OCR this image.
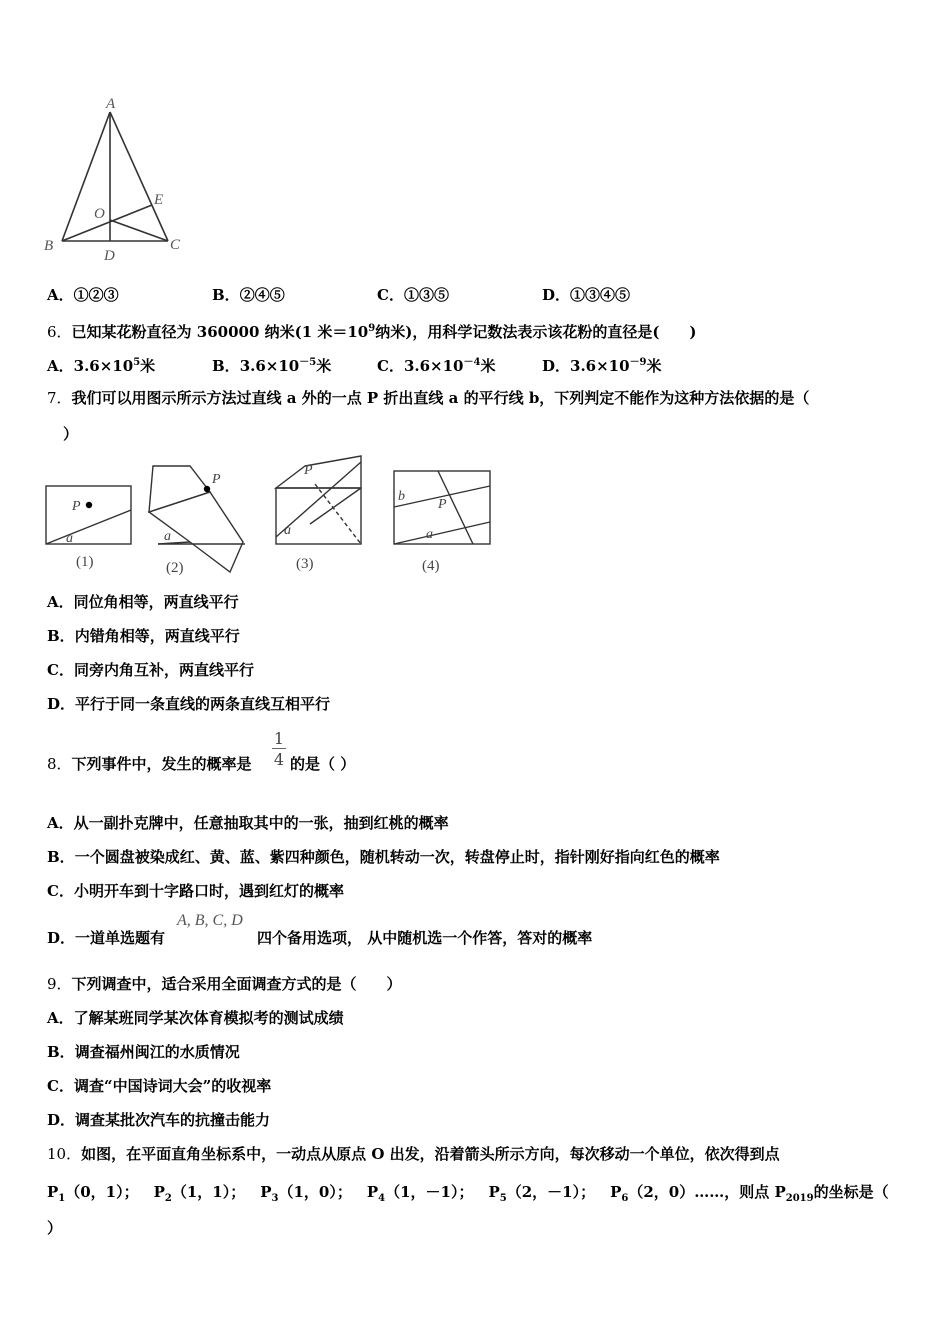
A
B	C
D
E
O
A．①②③	B．②④⑤	C．①③⑤	D．①③④⑤
6．已知某花粉直径为 360000 纳米(1 米$=10^9$纳米)，用科学记数法表示该花粉的直径是(　　)
A．$3.6\times 10^5$米	B．$3.6\times 10^{-5}$米	C．$3.6\times 10^{-4}$米	D．$3.6\times 10^{-9}$米
7．我们可以用图示所示方法过直线 a 外的一点 P 折出直线 a 的平行线 b，下列判定不能作为这种方法依据的是（
）
P
a
P
a
P
a
b
P
a
(1)	(2)	(3)	(4)
A．同位角相等，两直线平行
B．内错角相等，两直线平行
C．同旁内角互补，两直线平行
D．平行于同一条直线的两条直线互相平行
8．下列事件中，发生的概率是
1
4 的是（ ）
A．从一副扑克牌中，任意抽取其中的一张，抽到红桃的概率
B．一个圆盘被染成红、黄、蓝、紫四种颜色，随机转动一次，转盘停止时，指针刚好指向红色的概率
C．小明开车到十字路口时，遇到红灯的概率
D．一道单选题有
A, B, C, D
四个备用选项， 从中随机选一个作答，答对的概率
9．下列调查中，适合采用全面调查方式的是（　　）
A．了解某班同学某次体育模拟考的测试成绩
B．调查福州闽江的水质情况
C．调查“中国诗词大会”的收视率
D．调查某批次汽车的抗撞击能力
10．如图，在平面直角坐标系中，一动点从原点 O 出发，沿着箭头所示方向，每次移动一个单位，依次得到点
$P_1(0$，1）；  $P_2(1$，1）；  $P_3(1$，0）；  $P_4(1$，－1）；  $P_5(2$，－1）；  $P_6(2$，0）……，则点 $P_{2019}$的坐标是（
）
